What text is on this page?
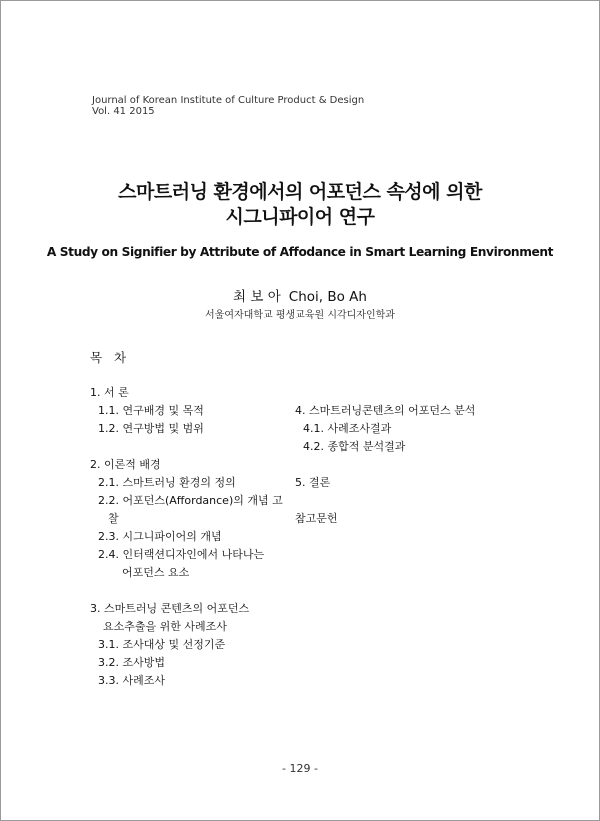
Journal of Korean Institute of Culture Product & Design
Vol. 41 2015
스마트러닝 환경에서의 어포던스 속성에 의한
시그니파이어 연구
A Study on Signifier by Attribute of Affodance in Smart Learning Environment
최 보 아 Choi, Bo Ah
서울여자대학교 평생교육원 시각디자인학과
목 차
1. 서 론
1.1. 연구배경 및 목적
1.2. 연구방법 및 범위
2. 이론적 배경
2.1. 스마트러닝 환경의 정의
2.2. 어포던스(Affordance)의 개념 고
찰
2.3. 시그니파이어의 개념
2.4. 인터랙션디자인에서 나타나는
어포던스 요소
3. 스마트러닝 콘텐츠의 어포던스
요소추출을 위한 사례조사
3.1. 조사대상 및 선정기준
3.2. 조사방법
3.3. 사례조사
4. 스마트러닝콘텐츠의 어포던스 분석
4.1. 사례조사결과
4.2. 종합적 분석결과
5. 결론
참고문헌
- 129 -
